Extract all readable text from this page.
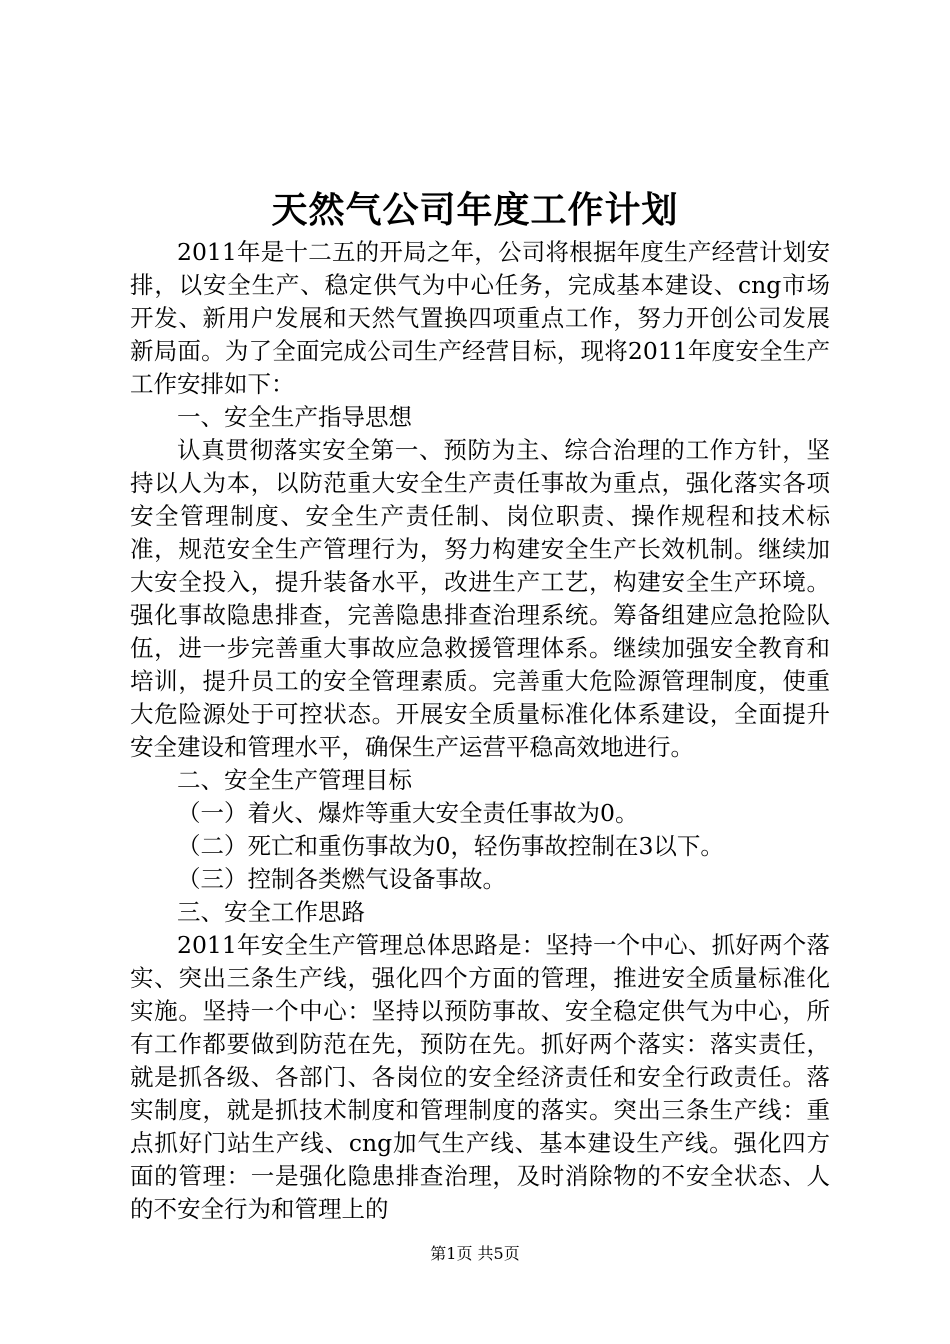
天然气公司年度工作计划

2011年是十二五的开局之年，公司将根据年度生产经营计划安排，以安全生产、稳定供气为中心任务，完成基本建设、cng市场开发、新用户发展和天然气置换四项重点工作，努力开创公司发展新局面。为了全面完成公司生产经营目标，现将2011年度安全生产工作安排如下：

一、安全生产指导思想

认真贯彻落实安全第一、预防为主、综合治理的工作方针，坚持以人为本，以防范重大安全生产责任事故为重点，强化落实各项安全管理制度、安全生产责任制、岗位职责、操作规程和技术标准，规范安全生产管理行为，努力构建安全生产长效机制。继续加大安全投入，提升装备水平，改进生产工艺，构建安全生产环境。强化事故隐患排查，完善隐患排查治理系统。筹备组建应急抢险队伍，进一步完善重大事故应急救援管理体系。继续加强安全教育和培训，提升员工的安全管理素质。完善重大危险源管理制度，使重大危险源处于可控状态。开展安全质量标准化体系建设，全面提升安全建设和管理水平，确保生产运营平稳高效地进行。

二、安全生产管理目标

（一）着火、爆炸等重大安全责任事故为0。

（二）死亡和重伤事故为0，轻伤事故控制在3以下。

（三）控制各类燃气设备事故。

三、安全工作思路

2011年安全生产管理总体思路是：坚持一个中心、抓好两个落实、突出三条生产线，强化四个方面的管理，推进安全质量标准化实施。坚持一个中心：坚持以预防事故、安全稳定供气为中心，所有工作都要做到防范在先，预防在先。抓好两个落实：落实责任，就是抓各级、各部门、各岗位的安全经济责任和安全行政责任。落实制度，就是抓技术制度和管理制度的落实。突出三条生产线：重点抓好门站生产线、cng加气生产线、基本建设生产线。强化四方面的管理：一是强化隐患排查治理，及时消除物的不安全状态、人的不安全行为和管理上的

第1页 共5页
